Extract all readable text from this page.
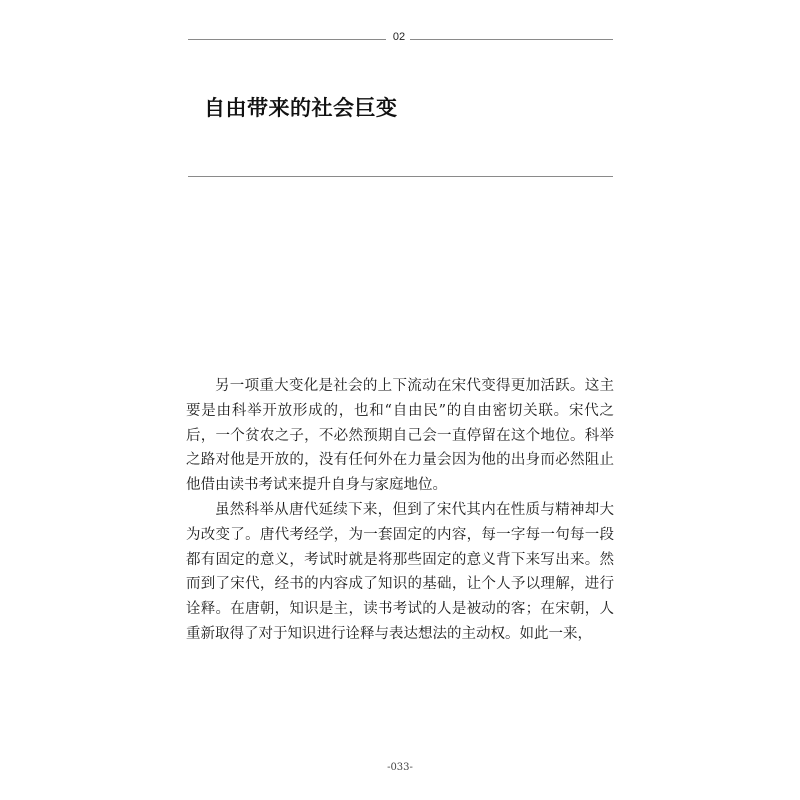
02
自由带来的社会巨变

另一项重大变化是社会的上下流动在宋代变得更加活跃。这主要是由科举开放形成的，也和“自由民”的自由密切关联。宋代之后，一个贫农之子，不必然预期自己会一直停留在这个地位。科举之路对他是开放的，没有任何外在力量会因为他的出身而必然阻止他借由读书考试来提升自身与家庭地位。

虽然科举从唐代延续下来，但到了宋代其内在性质与精神却大为改变了。唐代考经学，为一套固定的内容，每一字每一句每一段都有固定的意义，考试时就是将那些固定的意义背下来写出来。然而到了宋代，经书的内容成了知识的基础，让个人予以理解，进行诠释。在唐朝，知识是主，读书考试的人是被动的客；在宋朝，人重新取得了对于知识进行诠释与表达想法的主动权。如此一来，

-033-
